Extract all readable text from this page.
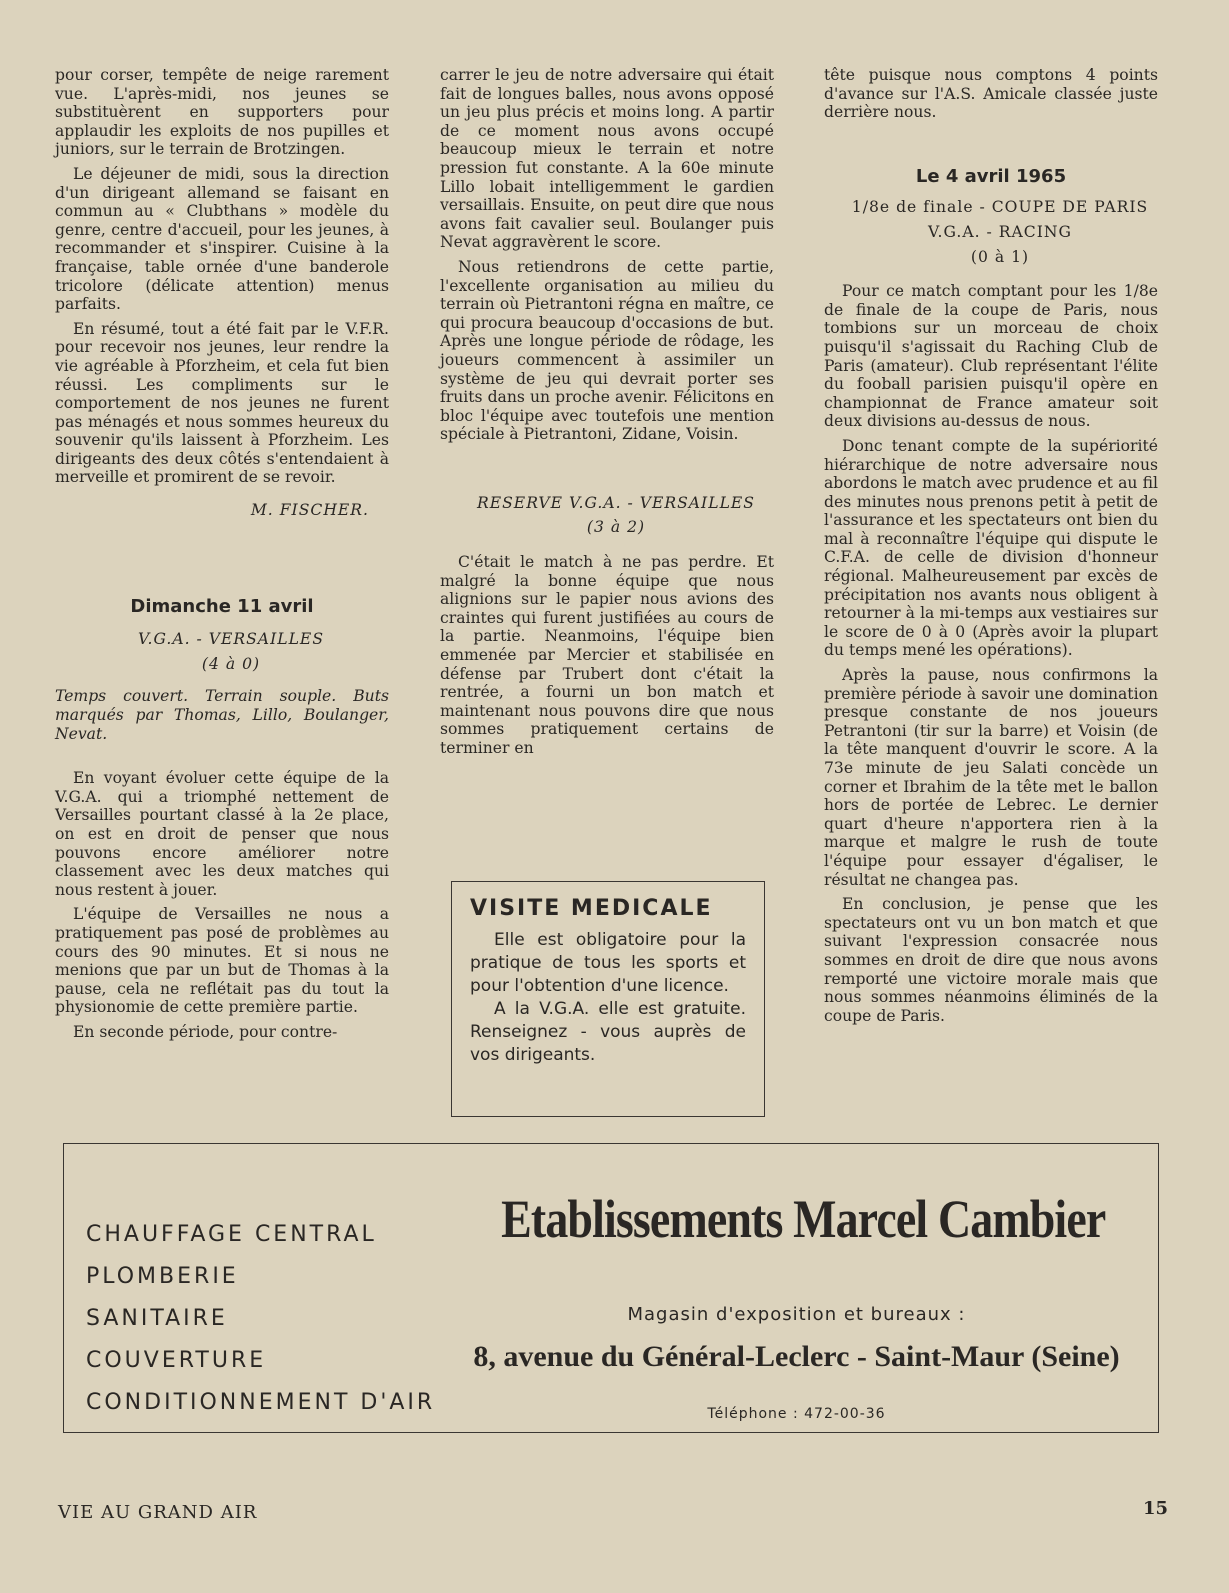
pour corser, tempête de neige rarement vue. L'après-midi, nos jeunes se substituèrent en supporters pour applaudir les exploits de nos pupilles et juniors, sur le terrain de Brotzingen.

Le déjeuner de midi, sous la direction d'un dirigeant allemand se faisant en commun au « Clubthans » modèle du genre, centre d'accueil, pour les jeunes, à recommander et s'inspirer. Cuisine à la française, table ornée d'une banderole tricolore (délicate attention) menus parfaits.

En résumé, tout a été fait par le V.F.R. pour recevoir nos jeunes, leur rendre la vie agréable à Pforzheim, et cela fut bien réussi. Les compliments sur le comportement de nos jeunes ne furent pas ménagés et nous sommes heureux du souvenir qu'ils laissent à Pforzheim. Les dirigeants des deux côtés s'entendaient à merveille et promirent de se revoir.

M. FISCHER.
Dimanche 11 avril

V.G.A. - VERSAILLES

(4 à 0)

Temps couvert. Terrain souple. Buts marqués par Thomas, Lillo, Boulanger, Nevat.

En voyant évoluer cette équipe de la V.G.A. qui a triomphé nettement de Versailles pourtant classé à la 2e place, on est en droit de penser que nous pouvons encore améliorer notre classement avec les deux matches qui nous restent à jouer.

L'équipe de Versailles ne nous a pratiquement pas posé de problèmes au cours des 90 minutes. Et si nous ne menions que par un but de Thomas à la pause, cela ne reflétait pas du tout la physionomie de cette première partie.

En seconde période, pour contre-

carrer le jeu de notre adversaire qui était fait de longues balles, nous avons opposé un jeu plus précis et moins long. A partir de ce moment nous avons occupé beaucoup mieux le terrain et notre pression fut constante. A la 60e minute Lillo lobait intelligemment le gardien versaillais. Ensuite, on peut dire que nous avons fait cavalier seul. Boulanger puis Nevat aggravèrent le score.

Nous retiendrons de cette partie, l'excellente organisation au milieu du terrain où Pietrantoni régna en maître, ce qui procura beaucoup d'occasions de but. Après une longue période de rôdage, les joueurs commencent à assimiler un système de jeu qui devrait porter ses fruits dans un proche avenir. Félicitons en bloc l'équipe avec toutefois une mention spéciale à Pietrantoni, Zidane, Voisin.

RESERVE V.G.A. - VERSAILLES

(3 à 2)

C'était le match à ne pas perdre. Et malgré la bonne équipe que nous alignions sur le papier nous avions des craintes qui furent justifiées au cours de la partie. Neanmoins, l'équipe bien emmenée par Mercier et stabilisée en défense par Trubert dont c'était la rentrée, a fourni un bon match et maintenant nous pouvons dire que nous sommes pratiquement certains de terminer en

VISITE MEDICALE

Elle est obligatoire pour la pratique de tous les sports et pour l'obtention d'une licence.

A la V.G.A. elle est gratuite. Renseignez - vous auprès de vos dirigeants.

tête puisque nous comptons 4 points d'avance sur l'A.S. Amicale classée juste derrière nous.

Le 4 avril 1965

1/8e de finale - COUPE DE PARIS

V.G.A. - RACING

(0 à 1)

Pour ce match comptant pour les 1/8e de finale de la coupe de Paris, nous tombions sur un morceau de choix puisqu'il s'agissait du Raching Club de Paris (amateur). Club représentant l'élite du fooball parisien puisqu'il opère en championnat de France amateur soit deux divisions au-dessus de nous.

Donc tenant compte de la supériorité hiérarchique de notre adversaire nous abordons le match avec prudence et au fil des minutes nous prenons petit à petit de l'assurance et les spectateurs ont bien du mal à reconnaître l'équipe qui dispute le C.F.A. de celle de division d'honneur régional. Malheureusement par excès de précipitation nos avants nous obligent à retourner à la mi-temps aux vestiaires sur le score de 0 à 0 (Après avoir la plupart du temps mené les opérations).

Après la pause, nous confirmons la première période à savoir une domination presque constante de nos joueurs Petrantoni (tir sur la barre) et Voisin (de la tête manquent d'ouvrir le score. A la 73e minute de jeu Salati concède un corner et Ibrahim de la tête met le ballon hors de portée de Lebrec. Le dernier quart d'heure n'apportera rien à la marque et malgre le rush de toute l'équipe pour essayer d'égaliser, le résultat ne changea pas.

En conclusion, je pense que les spectateurs ont vu un bon match et que suivant l'expression consacrée nous sommes en droit de dire que nous avons remporté une victoire morale mais que nous sommes néanmoins éliminés de la coupe de Paris.

CHAUFFAGE CENTRAL
PLOMBERIE
SANITAIRE
COUVERTURE
CONDITIONNEMENT D'AIR
Etablissements Marcel Cambier
Magasin d'exposition et bureaux :
8, avenue du Général-Leclerc - Saint-Maur (Seine)
Téléphone : 472-00-36
VIE AU GRAND AIR	15
